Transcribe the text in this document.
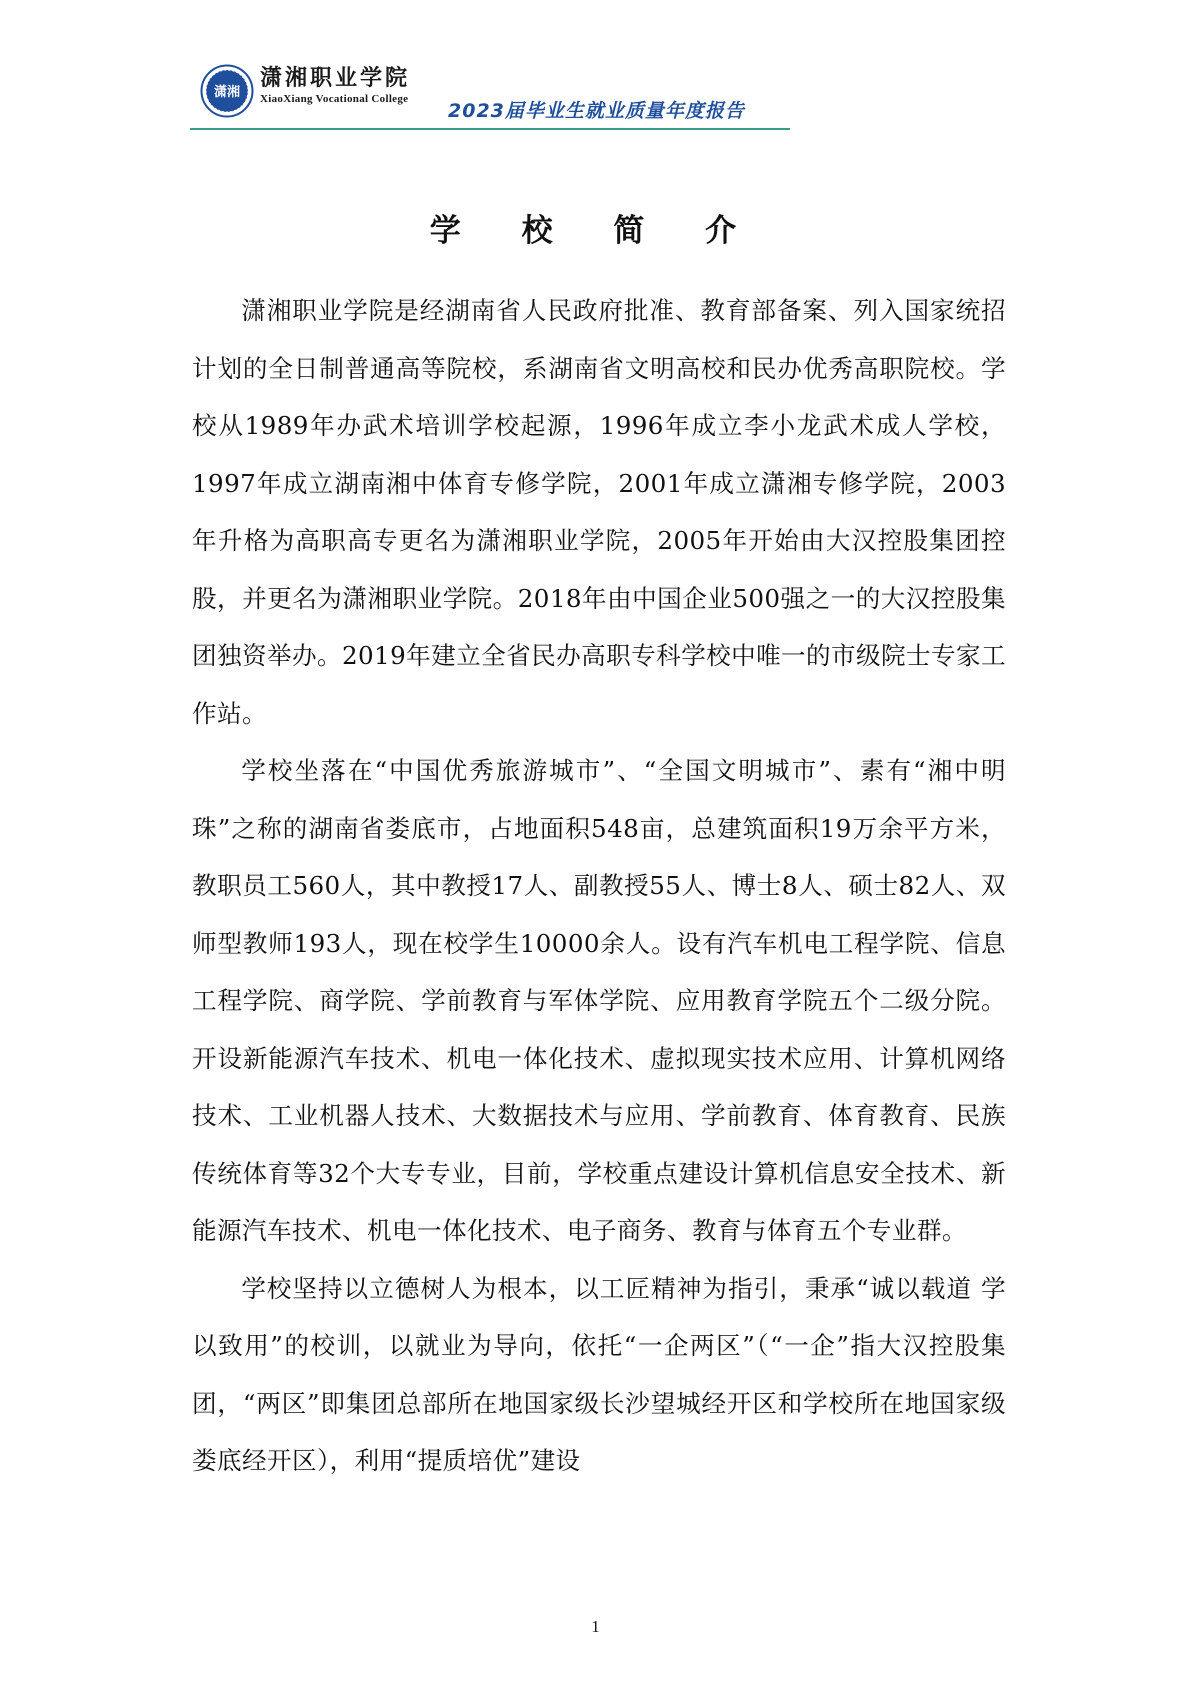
潇湘
潇湘职业学院
XiaoXiang Vocational College
2023届毕业生就业质量年度报告
学 校 简 介

潇湘职业学院是经湖南省人民政府批准、教育部备案、列入国家统招计划的全日制普通高等院校，系湖南省文明高校和民办优秀高职院校。学校从1989年办武术培训学校起源，1996年成立李小龙武术成人学校，1997年成立湖南湘中体育专修学院，2001年成立潇湘专修学院，2003年升格为高职高专更名为潇湘职业学院，2005年开始由大汉控股集团控股，并更名为潇湘职业学院。2018年由中国企业500强之一的大汉控股集团独资举办。2019年建立全省民办高职专科学校中唯一的市级院士专家工作站。

学校坐落在“中国优秀旅游城市”、“全国文明城市”、素有“湘中明珠”之称的湖南省娄底市，占地面积548亩，总建筑面积19万余平方米，教职员工560人，其中教授17人、副教授55人、博士8人、硕士82人、双师型教师193人，现在校学生10000余人。设有汽车机电工程学院、信息工程学院、商学院、学前教育与军体学院、应用教育学院五个二级分院。开设新能源汽车技术、机电一体化技术、虚拟现实技术应用、计算机网络技术、工业机器人技术、大数据技术与应用、学前教育、体育教育、民族传统体育等32个大专专业，目前，学校重点建设计算机信息安全技术、新能源汽车技术、机电一体化技术、电子商务、教育与体育五个专业群。

学校坚持以立德树人为根本，以工匠精神为指引，秉承“诚以载道 学以致用”的校训，以就业为导向，依托“一企两区”（“一企”指大汉控股集团，“两区”即集团总部所在地国家级长沙望城经开区和学校所在地国家级娄底经开区），利用“提质培优”建设

1
